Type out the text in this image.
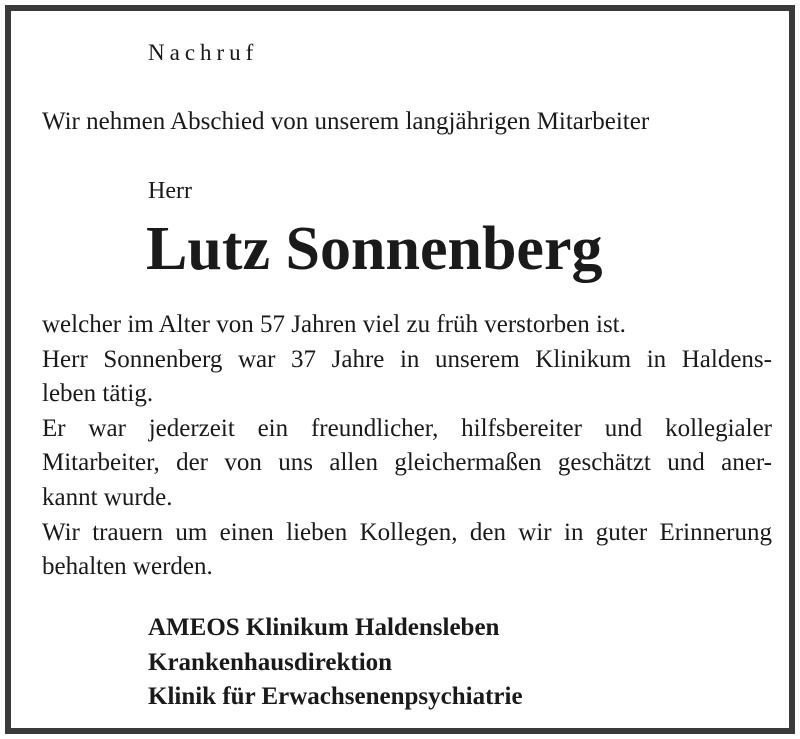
Nachruf
Wir nehmen Abschied von unserem langjährigen Mitarbeiter
Herr
Lutz Sonnenberg
welcher im Alter von 57 Jahren viel zu früh verstorben ist.
Herr Sonnenberg war 37 Jahre in unserem Klinikum in Haldens-
leben tätig.
Er war jederzeit ein freundlicher, hilfsbereiter und kollegialer
Mitarbeiter, der von uns allen gleichermaßen geschätzt und aner-
kannt wurde.
Wir trauern um einen lieben Kollegen, den wir in guter Erinnerung
behalten werden.
AMEOS Klinikum Haldensleben
Krankenhausdirektion
Klinik für Erwachsenenpsychiatrie
